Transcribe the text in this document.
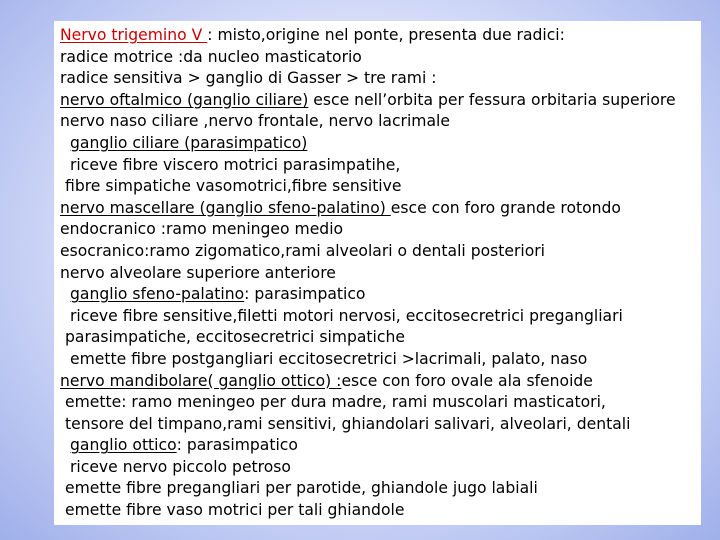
Nervo trigemino V : misto,origine nel ponte, presenta due radici:
radice motrice :da nucleo masticatorio
radice sensitiva > ganglio di Gasser > tre rami :
nervo oftalmico (ganglio ciliare) esce nell’orbita per fessura orbitaria superiore
nervo naso ciliare ,nervo frontale, nervo lacrimale
ganglio ciliare (parasimpatico)
riceve fibre viscero motrici parasimpatihe,
fibre simpatiche vasomotrici,fibre sensitive
nervo mascellare (ganglio sfeno-palatino) esce con foro grande rotondo
endocranico :ramo meningeo medio
esocranico:ramo zigomatico,rami alveolari o dentali posteriori
nervo alveolare superiore anteriore
ganglio sfeno-palatino: parasimpatico
riceve fibre sensitive,filetti motori nervosi, eccitosecretrici pregangliari
parasimpatiche, eccitosecretrici simpatiche
emette fibre postgangliari eccitosecretrici >lacrimali, palato, naso
nervo mandibolare( ganglio ottico) :esce con foro ovale ala sfenoide
emette: ramo meningeo per dura madre, rami muscolari masticatori,
tensore del timpano,rami sensitivi, ghiandolari salivari, alveolari, dentali
ganglio ottico: parasimpatico
riceve nervo piccolo petroso
emette fibre pregangliari per parotide, ghiandole jugo labiali
emette fibre vaso motrici per tali ghiandole
